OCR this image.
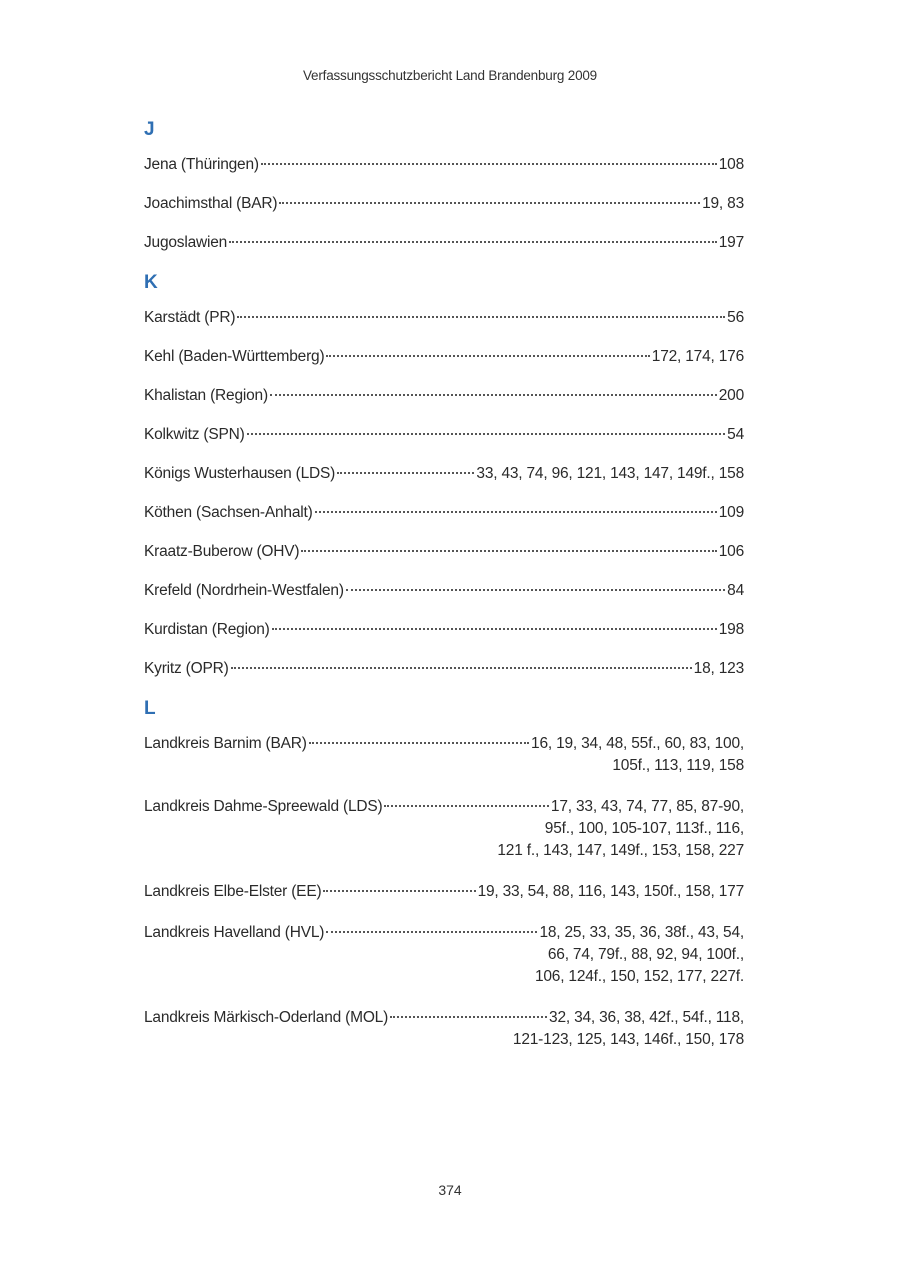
Verfassungsschutzbericht Land Brandenburg 2009
J
Jena (Thüringen)	108
Joachimsthal (BAR)	19, 83
Jugoslawien	197
K
Karstädt (PR)	56
Kehl (Baden-Württemberg)	172, 174, 176
Khalistan (Region)	200
Kolkwitz (SPN)	54
Königs Wusterhausen (LDS)	33, 43, 74, 96, 121, 143, 147, 149f., 158
Köthen (Sachsen-Anhalt)	109
Kraatz-Buberow (OHV)	106
Krefeld (Nordrhein-Westfalen)	84
Kurdistan (Region)	198
Kyritz (OPR)	18, 123
L
Landkreis Barnim (BAR)	16, 19, 34, 48, 55f., 60, 83, 100,
105f., 113, 119, 158
Landkreis Dahme-Spreewald (LDS)	17, 33, 43, 74, 77, 85, 87-90,
95f., 100, 105-107, 113f., 116,
121 f., 143, 147, 149f., 153, 158, 227
Landkreis Elbe-Elster (EE)	19, 33, 54, 88, 116, 143, 150f., 158, 177
Landkreis Havelland (HVL)	18, 25, 33, 35, 36, 38f., 43, 54,
66, 74, 79f., 88, 92, 94, 100f.,
106, 124f., 150, 152, 177, 227f.
Landkreis Märkisch-Oderland (MOL)	32, 34, 36, 38, 42f., 54f., 118,
121-123, 125, 143, 146f., 150, 178
374
